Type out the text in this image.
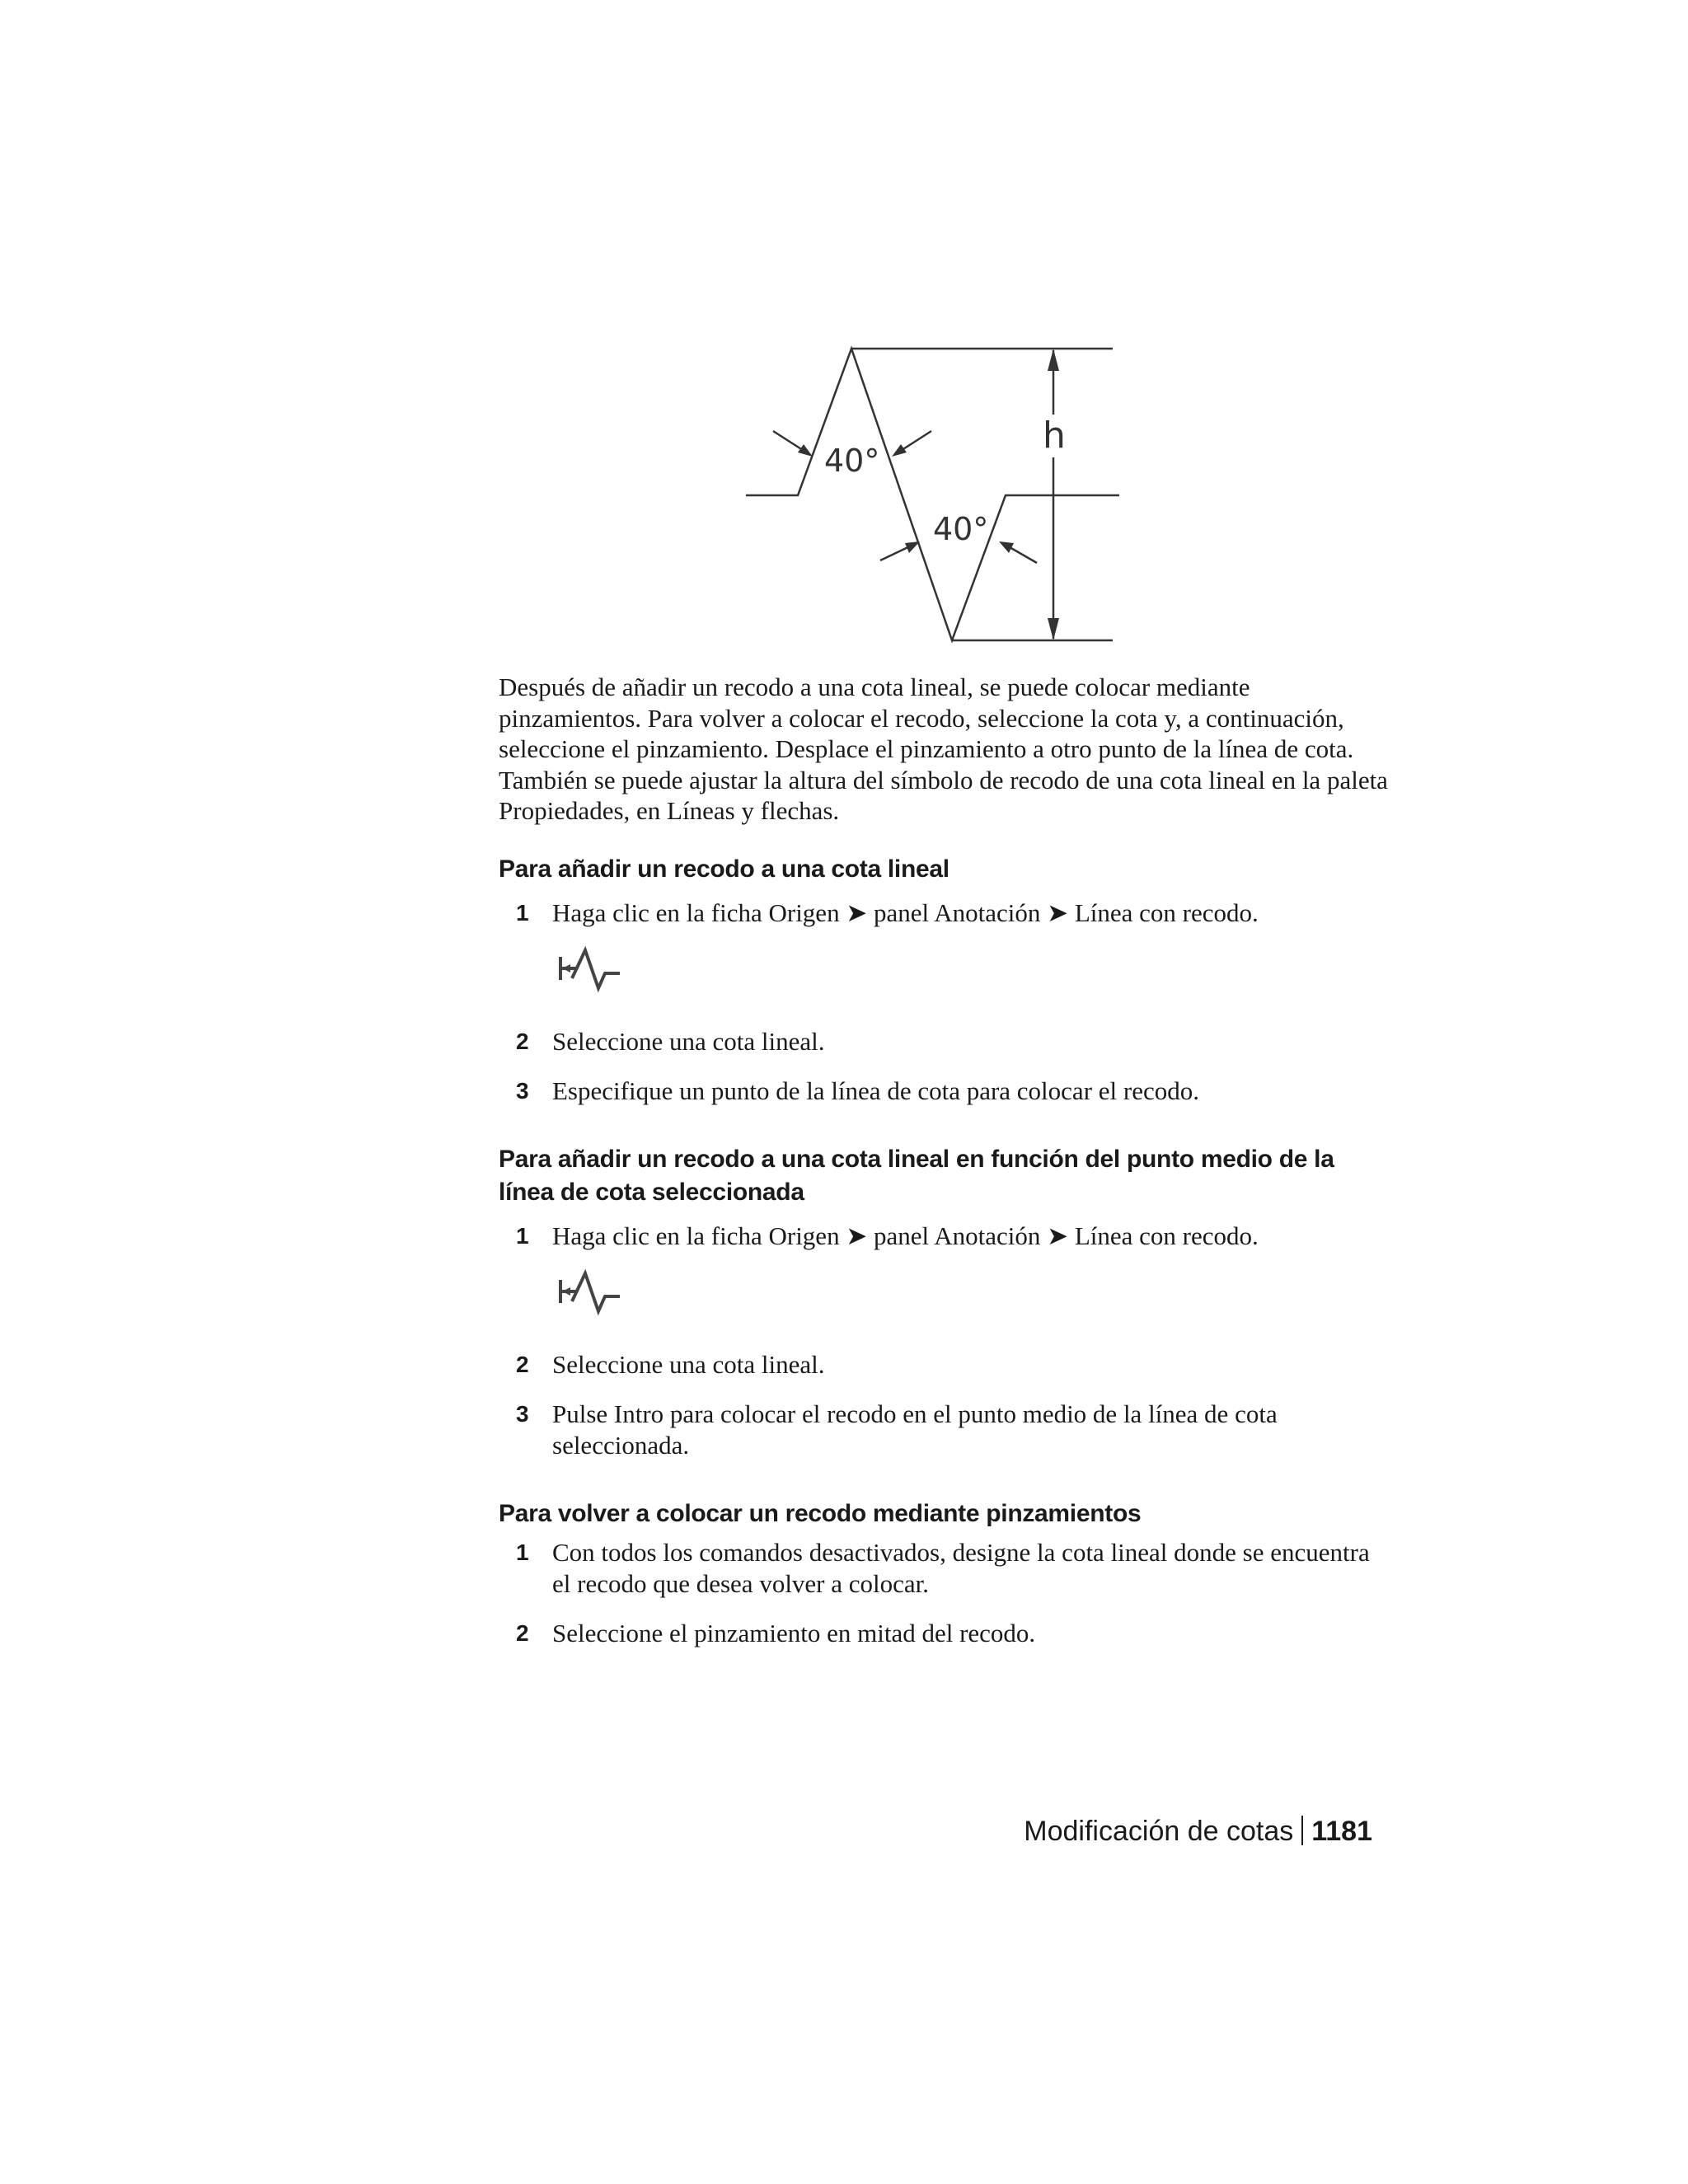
40°
40°
h

Después de añadir un recodo a una cota lineal, se puede colocar mediante pinzamientos. Para volver a colocar el recodo, seleccione la cota y, a continuación, seleccione el pinzamiento. Desplace el pinzamiento a otro punto de la línea de cota. También se puede ajustar la altura del símbolo de recodo de una cota lineal en la paleta Propiedades, en Líneas y flechas.

Para añadir un recodo a una cota lineal
1 Haga clic en la ficha Origen ➤ panel Anotación ➤ Línea con recodo.
2 Seleccione una cota lineal.
3 Especifique un punto de la línea de cota para colocar el recodo.
Para añadir un recodo a una cota lineal en función del punto medio de la línea de cota seleccionada
1 Haga clic en la ficha Origen ➤ panel Anotación ➤ Línea con recodo.
2 Seleccione una cota lineal.
3 Pulse Intro para colocar el recodo en el punto medio de la línea de cota seleccionada.
Para volver a colocar un recodo mediante pinzamientos
1 Con todos los comandos desactivados, designe la cota lineal donde se encuentra el recodo que desea volver a colocar.
2 Seleccione el pinzamiento en mitad del recodo.
Modificación de cotas 1181
